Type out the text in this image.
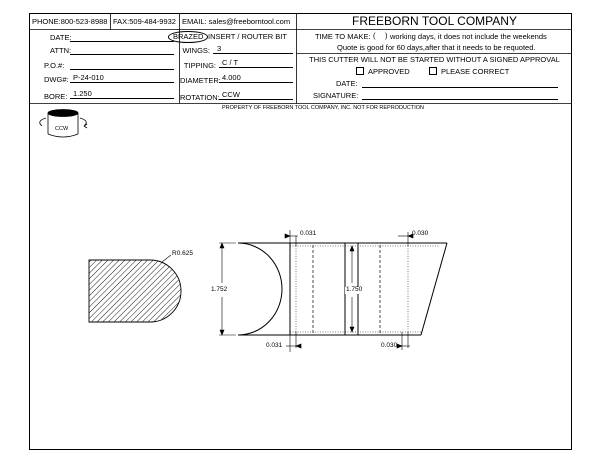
PHONE:800-523-8988 FAX:509-484-9932 EMAIL: sales@freeborntool.com	FREEBORN TOOL COMPANY
DATE:
ATTN:
P.O.#:
DWG#: P-24-010
BORE: 1.250
BRAZED INSERT / ROUTER BIT
WINGS: 3
TIPPING: C / T
DIAMETER: 4.000
ROTATION: CCW
TIME TO MAKE: ( ) working days, it does not include the weekends
Quote is good for 60 days,after that it needs to be requoted.
THIS CUTTER WILL NOT BE STARTED WITHOUT A SIGNED APPROVAL
APPROVED	PLEASE CORRECT
DATE:
SIGNATURE:
PROPERTY OF FREEBORN TOOL COMPANY, INC. NOT FOR REPRODUCTION
CCW
R0.625
1.752	1.750
0.031	0.030
0.031	0.030
